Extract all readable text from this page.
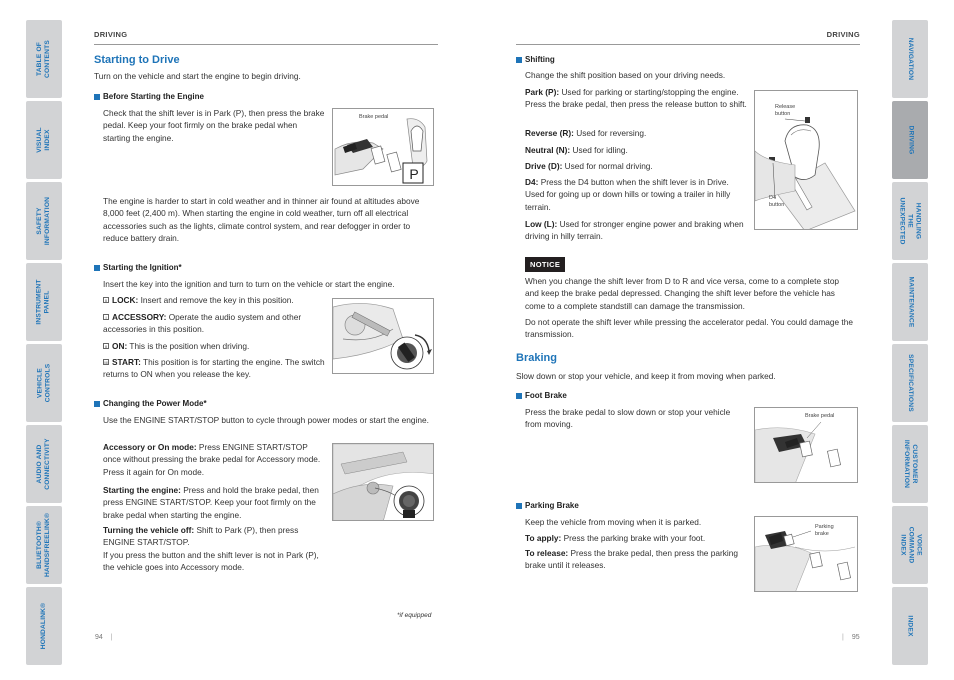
TABLE OF
CONTENTS
VISUAL INDEX
SAFETY
INFORMATION
INSTRUMENT
PANEL
VEHICLE
CONTROLS
AUDIO AND
CONNECTIVITY
BLUETOOTH®
HANDSFREELINK®
HONDALINK®
NAVIGATION
DRIVING
HANDLING THE
UNEXPECTED
MAINTENANCE
SPECIFICATIONS
CUSTOMER
INFORMATION
VOICE
COMMAND INDEX
INDEX
DRIVING
Starting to Drive

Turn on the vehicle and start the engine to begin driving.

Before Starting the Engine

Check that the shift lever is in Park (P), then press the brake pedal. Keep your foot firmly on the brake pedal when starting the engine.

Brake pedal
P

The engine is harder to start in cold weather and in thinner air found at altitudes above 8,000 feet (2,400 m). When starting the engine in cold weather, turn off all electrical accessories such as the lights, climate control system, and rear defogger in order to reduce battery drain.

Starting the Ignition*

Insert the key into the ignition and turn to turn on the vehicle or start the engine.

0 LOCK: Insert and remove the key in this position.

I ACCESSORY: Operate the audio system and other accessories in this position.

II ON: This is the position when driving.

III START: This position is for starting the engine. The switch returns to ON when you release the key.

Changing the Power Mode*

Use the ENGINE START/STOP button to cycle through power modes or start the engine.

Accessory or On mode: Press ENGINE START/STOP once without pressing the brake pedal for Accessory mode. Press it again for On mode.

Starting the engine: Press and hold the brake pedal, then press ENGINE START/STOP. Keep your foot firmly on the brake pedal when starting the engine.

Turning the vehicle off: Shift to Park (P), then press ENGINE START/STOP.

If you press the button and the shift lever is not in Park (P), the vehicle goes into Accessory mode.

*if equipped
94 |
DRIVING
Shifting

Change the shift position based on your driving needs.

Park (P): Used for parking or starting/stopping the engine. Press the brake pedal, then press the release button to shift.

Reverse (R): Used for reversing.

Neutral (N): Used for idling.

Drive (D): Used for normal driving.

D4: Press the D4 button when the shift lever is in Drive. Used for going up or down hills or towing a trailer in hilly terrain.

Low (L): Used for stronger engine power and braking when driving in hilly terrain.

Release
button
D4
button
NOTICE

When you change the shift lever from D to R and vice versa, come to a complete stop and keep the brake pedal depressed. Changing the shift lever before the vehicle has come to a complete standstill can damage the transmission.

Do not operate the shift lever while pressing the accelerator pedal. You could damage the transmission.

Braking

Slow down or stop your vehicle, and keep it from moving when parked.

Foot Brake

Press the brake pedal to slow down or stop your vehicle from moving.

Brake pedal
Parking Brake

Keep the vehicle from moving when it is parked.

To apply: Press the parking brake with your foot.

To release: Press the brake pedal, then press the parking brake until it releases.

Parking
brake
| 95
